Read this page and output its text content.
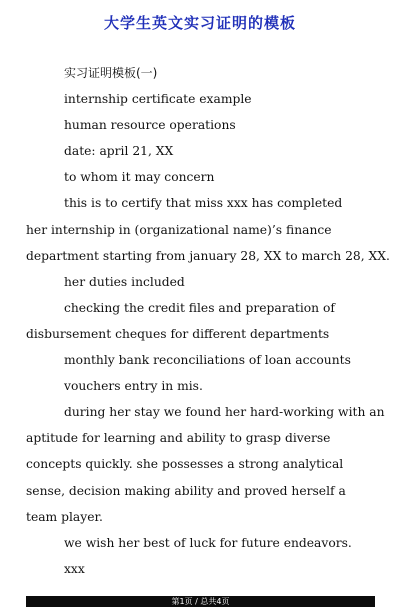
大学生英文实习证明的模板

实习证明模板(一)

internship certificate example

human resource operations

date: april 21, XX

to whom it may concern

this is to certify that miss xxx has completed

her internship in (organizational name)’s finance

department starting from january 28, XX to march 28, XX.

her duties included

checking the credit files and preparation of

disbursement cheques for different departments

monthly bank reconciliations of loan accounts

vouchers entry in mis.

during her stay we found her hard-working with an

aptitude for learning and ability to grasp diverse

concepts quickly. she possesses a strong analytical

sense, decision making ability and proved herself a

team player.

we wish her best of luck for future endeavors.

xxx

第1页 / 总共4页
